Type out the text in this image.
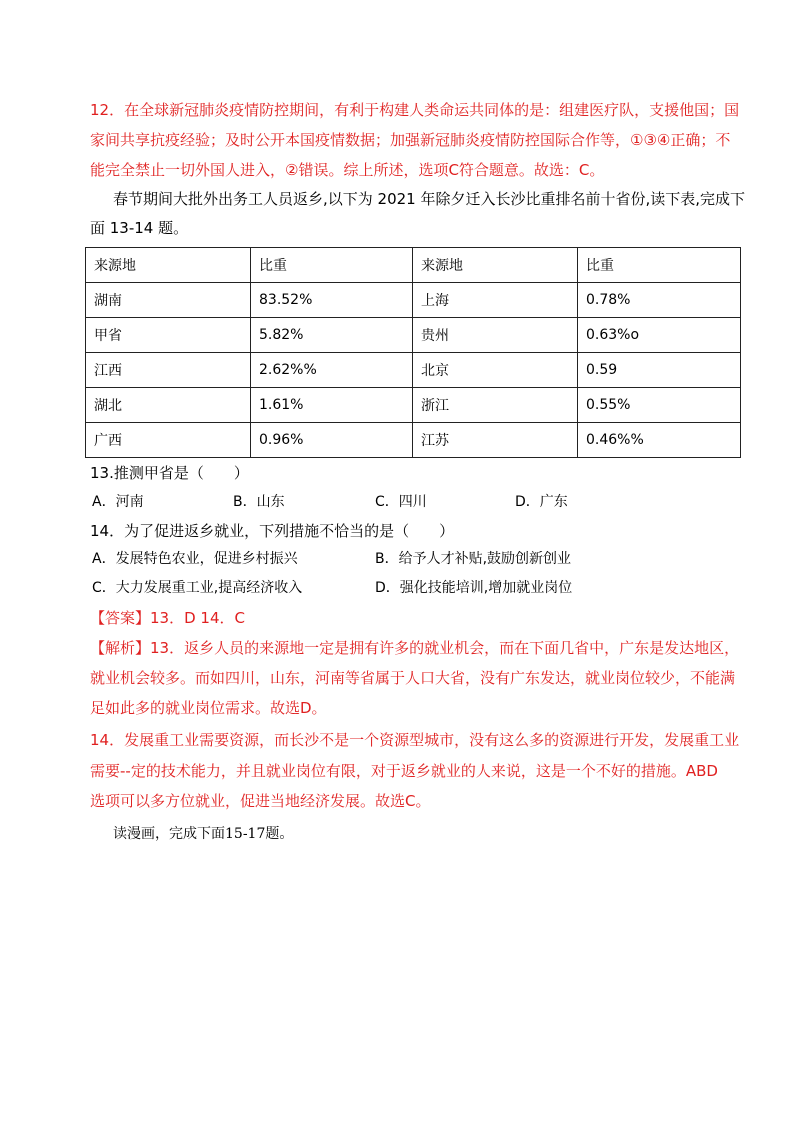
12．在全球新冠肺炎疫情防控期间，有利于构建人类命运共同体的是：组建医疗队，支援他国；国
家间共享抗疫经验；及时公开本国疫情数据；加强新冠肺炎疫情防控国际合作等，①③④正确；不
能完全禁止一切外国人进入，②错误。综上所述，选项C符合题意。故选：C。
春节期间大批外出务工人员返乡,以下为 2021 年除夕迁入长沙比重排名前十省份,读下表,完成下
面 13-14 题。
来源地	比重	来源地	比重
湖南	83.52%	上海	0.78%
甲省	5.82%	贵州	0.63%o
江西	2.62%%	北京	0.59
湖北	1.61%	浙江	0.55%
广西	0.96%	江苏	0.46%%
13.推测甲省是（　　）
A．河南	B．山东	C．四川	D．广东
14．为了促进返乡就业，下列措施不恰当的是（　　）
A．发展特色农业，促进乡村振兴	B．给予人才补贴,鼓励创新创业
C．大力发展重工业,提高经济收入	D．强化技能培训,增加就业岗位
【答案】13．D 14．C
【解析】13．返乡人员的来源地一定是拥有许多的就业机会，而在下面几省中，广东是发达地区，
就业机会较多。而如四川，山东，河南等省属于人口大省，没有广东发达，就业岗位较少，不能满
足如此多的就业岗位需求。故选D。
14．发展重工业需要资源，而长沙不是一个资源型城市，没有这么多的资源进行开发，发展重工业
需要--定的技术能力，并且就业岗位有限，对于返乡就业的人来说，这是一个不好的措施。ABD
选项可以多方位就业，促进当地经济发展。故选C。
读漫画，完成下面15-17题。
